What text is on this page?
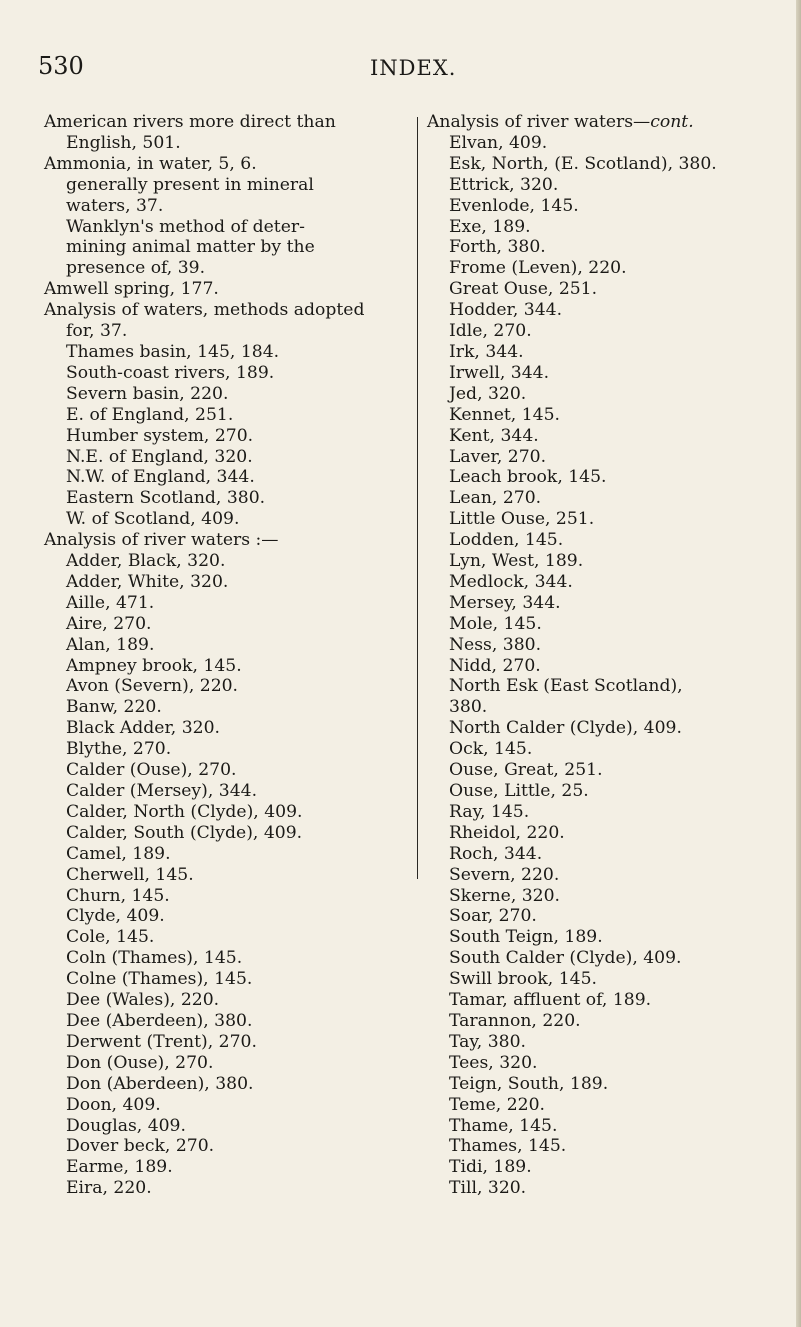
530	INDEX.
American rivers more direct than
English, 501.
Ammonia, in water, 5, 6.
generally present in mineral
waters, 37.
Wanklyn's method of deter-
mining animal matter by the
presence of, 39.
Amwell spring, 177.
Analysis of waters, methods adopted
for, 37.
Thames basin, 145, 184.
South-coast rivers, 189.
Severn basin, 220.
E. of England, 251.
Humber system, 270.
N.E. of England, 320.
N.W. of England, 344.
Eastern Scotland, 380.
W. of Scotland, 409.
Analysis of river waters :—
Adder, Black, 320.
Adder, White, 320.
Aille, 471.
Aire, 270.
Alan, 189.
Ampney brook, 145.
Avon (Severn), 220.
Banw, 220.
Black Adder, 320.
Blythe, 270.
Calder (Ouse), 270.
Calder (Mersey), 344.
Calder, North (Clyde), 409.
Calder, South (Clyde), 409.
Camel, 189.
Cherwell, 145.
Churn, 145.
Clyde, 409.
Cole, 145.
Coln (Thames), 145.
Colne (Thames), 145.
Dee (Wales), 220.
Dee (Aberdeen), 380.
Derwent (Trent), 270.
Don (Ouse), 270.
Don (Aberdeen), 380.
Doon, 409.
Douglas, 409.
Dover beck, 270.
Earme, 189.
Eira, 220.
Analysis of river waters—cont.
Elvan, 409.
Esk, North, (E. Scotland), 380.
Ettrick, 320.
Evenlode, 145.
Exe, 189.
Forth, 380.
Frome (Leven), 220.
Great Ouse, 251.
Hodder, 344.
Idle, 270.
Irk, 344.
Irwell, 344.
Jed, 320.
Kennet, 145.
Kent, 344.
Laver, 270.
Leach brook, 145.
Lean, 270.
Little Ouse, 251.
Lodden, 145.
Lyn, West, 189.
Medlock, 344.
Mersey, 344.
Mole, 145.
Ness, 380.
Nidd, 270.
North Esk (East Scotland),
380.
North Calder (Clyde), 409.
Ock, 145.
Ouse, Great, 251.
Ouse, Little, 25.
Ray, 145.
Rheidol, 220.
Roch, 344.
Severn, 220.
Skerne, 320.
Soar, 270.
South Teign, 189.
South Calder (Clyde), 409.
Swill brook, 145.
Tamar, affluent of, 189.
Tarannon, 220.
Tay, 380.
Tees, 320.
Teign, South, 189.
Teme, 220.
Thame, 145.
Thames, 145.
Tidi, 189.
Till, 320.
